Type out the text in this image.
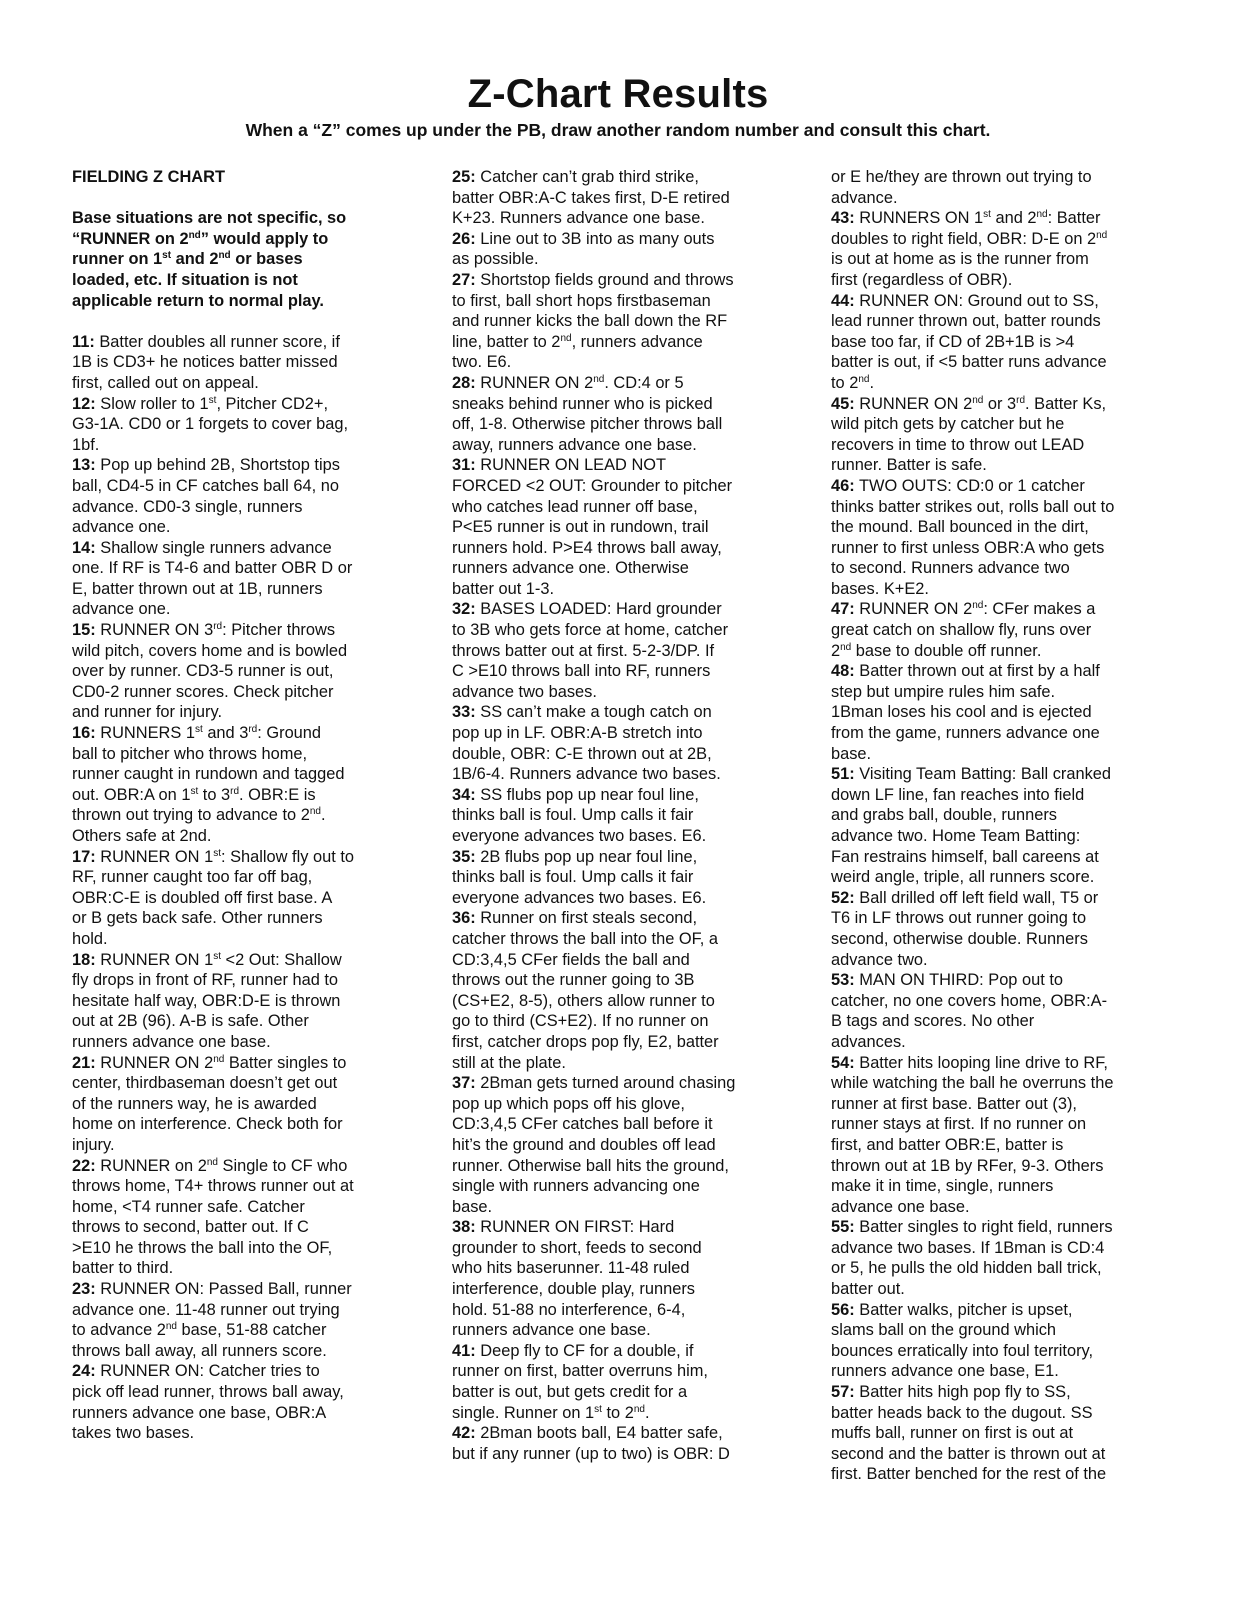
Z-Chart Results
When a “Z” comes up under the PB, draw another random number and consult this chart.
FIELDING Z CHART
Base situations are not specific, so
“RUNNER on 2nd” would apply to
runner on 1st and 2nd or bases
loaded, etc. If situation is not
applicable return to normal play.
11: Batter doubles all runner score, if
1B is CD3+ he notices batter missed
first, called out on appeal.
12: Slow roller to 1st, Pitcher CD2+,
G3-1A. CD0 or 1 forgets to cover bag,
1bf.
13: Pop up behind 2B, Shortstop tips
ball, CD4-5 in CF catches ball 64, no
advance. CD0-3 single, runners
advance one.
14: Shallow single runners advance
one. If RF is T4-6 and batter OBR D or
E, batter thrown out at 1B, runners
advance one.
15: RUNNER ON 3rd: Pitcher throws
wild pitch, covers home and is bowled
over by runner. CD3-5 runner is out,
CD0-2 runner scores. Check pitcher
and runner for injury.
16: RUNNERS 1st and 3rd: Ground
ball to pitcher who throws home,
runner caught in rundown and tagged
out. OBR:A on 1st to 3rd. OBR:E is
thrown out trying to advance to 2nd.
Others safe at 2nd.
17: RUNNER ON 1st: Shallow fly out to
RF, runner caught too far off bag,
OBR:C-E is doubled off first base. A
or B gets back safe. Other runners
hold.
18: RUNNER ON 1st <2 Out: Shallow
fly drops in front of RF, runner had to
hesitate half way, OBR:D-E is thrown
out at 2B (96). A-B is safe. Other
runners advance one base.
21: RUNNER ON 2nd Batter singles to
center, thirdbaseman doesn’t get out
of the runners way, he is awarded
home on interference. Check both for
injury.
22: RUNNER on 2nd Single to CF who
throws home, T4+ throws runner out at
home, <T4 runner safe. Catcher
throws to second, batter out. If C
>E10 he throws the ball into the OF,
batter to third.
23: RUNNER ON: Passed Ball, runner
advance one. 11-48 runner out trying
to advance 2nd base, 51-88 catcher
throws ball away, all runners score.
24: RUNNER ON: Catcher tries to
pick off lead runner, throws ball away,
runners advance one base, OBR:A
takes two bases.
25: Catcher can’t grab third strike,
batter OBR:A-C takes first, D-E retired
K+23. Runners advance one base.
26: Line out to 3B into as many outs
as possible.
27: Shortstop fields ground and throws
to first, ball short hops firstbaseman
and runner kicks the ball down the RF
line, batter to 2nd, runners advance
two. E6.
28: RUNNER ON 2nd. CD:4 or 5
sneaks behind runner who is picked
off, 1-8. Otherwise pitcher throws ball
away, runners advance one base.
31: RUNNER ON LEAD NOT
FORCED <2 OUT: Grounder to pitcher
who catches lead runner off base,
P<E5 runner is out in rundown, trail
runners hold. P>E4 throws ball away,
runners advance one. Otherwise
batter out 1-3.
32: BASES LOADED: Hard grounder
to 3B who gets force at home, catcher
throws batter out at first. 5-2-3/DP. If
C >E10 throws ball into RF, runners
advance two bases.
33: SS can’t make a tough catch on
pop up in LF. OBR:A-B stretch into
double, OBR: C-E thrown out at 2B,
1B/6-4. Runners advance two bases.
34: SS flubs pop up near foul line,
thinks ball is foul. Ump calls it fair
everyone advances two bases. E6.
35: 2B flubs pop up near foul line,
thinks ball is foul. Ump calls it fair
everyone advances two bases. E6.
36: Runner on first steals second,
catcher throws the ball into the OF, a
CD:3,4,5 CFer fields the ball and
throws out the runner going to 3B
(CS+E2, 8-5), others allow runner to
go to third (CS+E2). If no runner on
first, catcher drops pop fly, E2, batter
still at the plate.
37: 2Bman gets turned around chasing
pop up which pops off his glove,
CD:3,4,5 CFer catches ball before it
hit’s the ground and doubles off lead
runner. Otherwise ball hits the ground,
single with runners advancing one
base.
38: RUNNER ON FIRST: Hard
grounder to short, feeds to second
who hits baserunner. 11-48 ruled
interference, double play, runners
hold. 51-88 no interference, 6-4,
runners advance one base.
41: Deep fly to CF for a double, if
runner on first, batter overruns him,
batter is out, but gets credit for a
single. Runner on 1st to 2nd.
42: 2Bman boots ball, E4 batter safe,
but if any runner (up to two) is OBR: D
or E he/they are thrown out trying to
advance.
43: RUNNERS ON 1st and 2nd: Batter
doubles to right field, OBR: D-E on 2nd
is out at home as is the runner from
first (regardless of OBR).
44: RUNNER ON: Ground out to SS,
lead runner thrown out, batter rounds
base too far, if CD of 2B+1B is >4
batter is out, if <5 batter runs advance
to 2nd.
45: RUNNER ON 2nd or 3rd. Batter Ks,
wild pitch gets by catcher but he
recovers in time to throw out LEAD
runner. Batter is safe.
46: TWO OUTS: CD:0 or 1 catcher
thinks batter strikes out, rolls ball out to
the mound. Ball bounced in the dirt,
runner to first unless OBR:A who gets
to second. Runners advance two
bases. K+E2.
47: RUNNER ON 2nd: CFer makes a
great catch on shallow fly, runs over
2nd base to double off runner.
48: Batter thrown out at first by a half
step but umpire rules him safe.
1Bman loses his cool and is ejected
from the game, runners advance one
base.
51: Visiting Team Batting: Ball cranked
down LF line, fan reaches into field
and grabs ball, double, runners
advance two. Home Team Batting:
Fan restrains himself, ball careens at
weird angle, triple, all runners score.
52: Ball drilled off left field wall, T5 or
T6 in LF throws out runner going to
second, otherwise double. Runners
advance two.
53: MAN ON THIRD: Pop out to
catcher, no one covers home, OBR:A-
B tags and scores. No other
advances.
54: Batter hits looping line drive to RF,
while watching the ball he overruns the
runner at first base. Batter out (3),
runner stays at first. If no runner on
first, and batter OBR:E, batter is
thrown out at 1B by RFer, 9-3. Others
make it in time, single, runners
advance one base.
55: Batter singles to right field, runners
advance two bases. If 1Bman is CD:4
or 5, he pulls the old hidden ball trick,
batter out.
56: Batter walks, pitcher is upset,
slams ball on the ground which
bounces erratically into foul territory,
runners advance one base, E1.
57: Batter hits high pop fly to SS,
batter heads back to the dugout. SS
muffs ball, runner on first is out at
second and the batter is thrown out at
first. Batter benched for the rest of the
